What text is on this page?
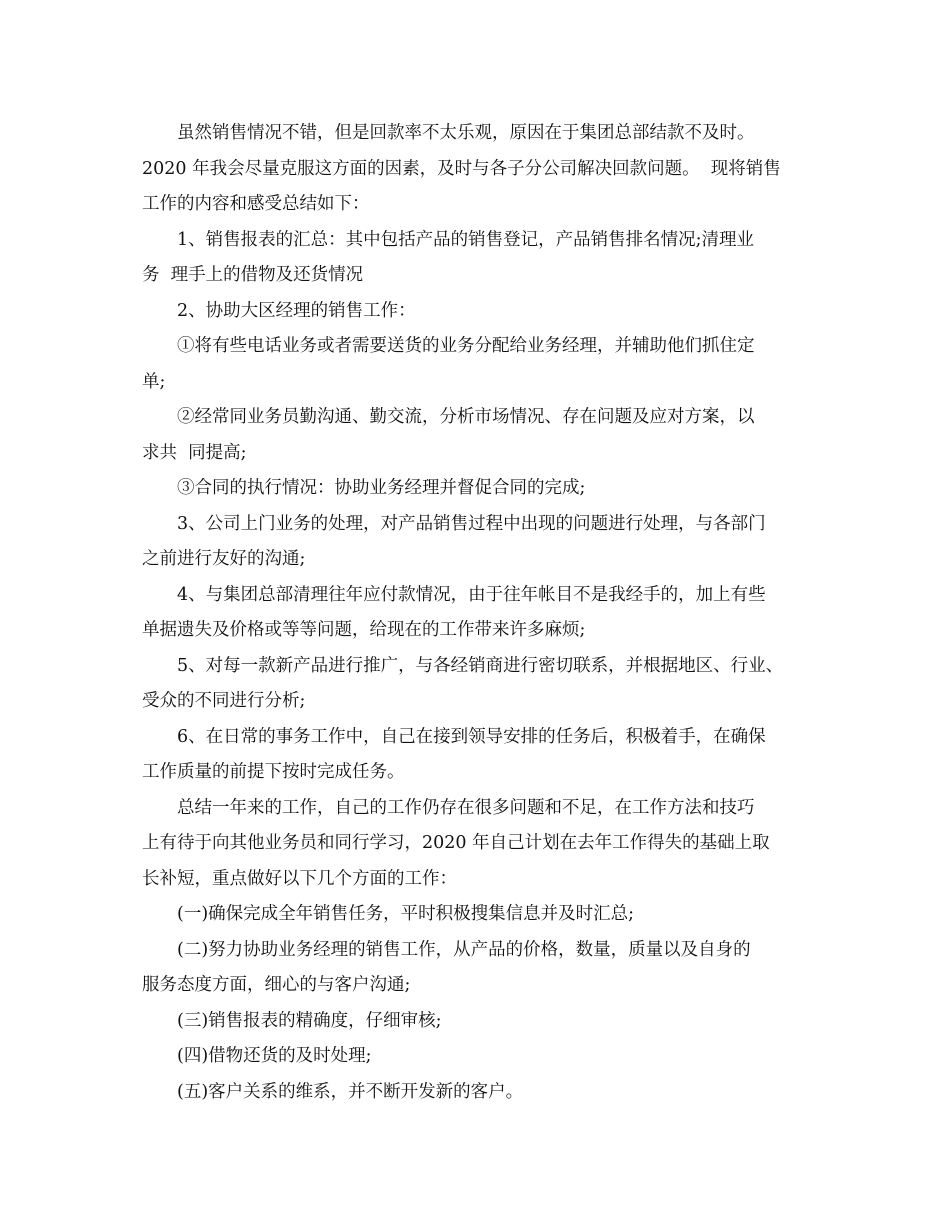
虽然销售情况不错，但是回款率不太乐观，原因在于集团总部结款不及时。
2020 年我会尽量克服这方面的因素，及时与各子分公司解决回款问题。  现将销售
工作的内容和感受总结如下：
1、销售报表的汇总：其中包括产品的销售登记，产品销售排名情况;清理业
务  理手上的借物及还货情况
2、协助大区经理的销售工作：
①将有些电话业务或者需要送货的业务分配给业务经理，并辅助他们抓住定
单;
②经常同业务员勤沟通、勤交流，分析市场情况、存在问题及应对方案，以
求共  同提高;
③合同的执行情况：协助业务经理并督促合同的完成;
3、公司上门业务的处理，对产品销售过程中出现的问题进行处理，与各部门
之前进行友好的沟通;
4、与集团总部清理往年应付款情况，由于往年帐目不是我经手的，加上有些
单据遗失及价格或等等问题，给现在的工作带来许多麻烦;
5、对每一款新产品进行推广，与各经销商进行密切联系，并根据地区、行业、
受众的不同进行分析;
6、在日常的事务工作中，自己在接到领导安排的任务后，积极着手，在确保
工作质量的前提下按时完成任务。
总结一年来的工作，自己的工作仍存在很多问题和不足，在工作方法和技巧
上有待于向其他业务员和同行学习，2020 年自己计划在去年工作得失的基础上取
长补短，重点做好以下几个方面的工作：
(一)确保完成全年销售任务，平时积极搜集信息并及时汇总;
(二)努力协助业务经理的销售工作，从产品的价格，数量，质量以及自身的
服务态度方面，细心的与客户沟通;
(三)销售报表的精确度，仔细审核;
(四)借物还货的及时处理;
(五)客户关系的维系，并不断开发新的客户。
